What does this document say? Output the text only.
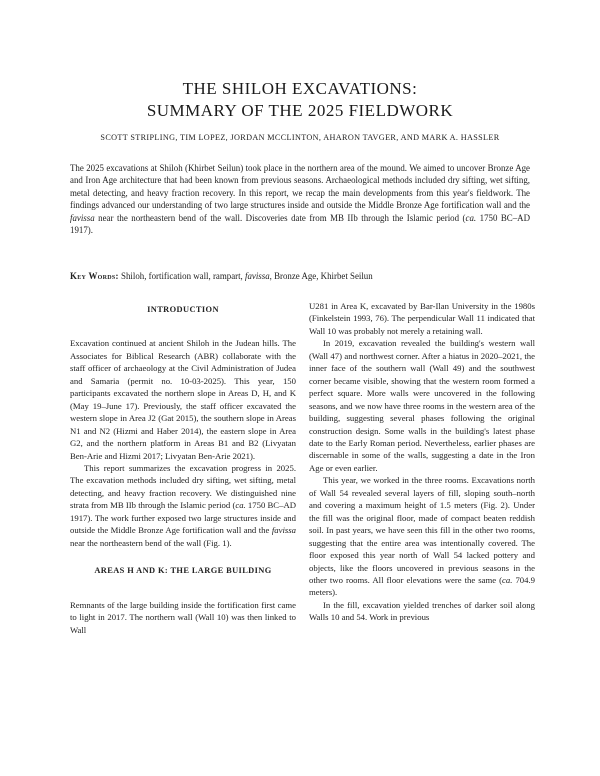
THE SHILOH EXCAVATIONS:
SUMMARY OF THE 2025 FIELDWORK
SCOTT STRIPLING, TIM LOPEZ, JORDAN MCCLINTON, AHARON TAVGER, AND MARK A. HASSLER
The 2025 excavations at Shiloh (Khirbet Seilun) took place in the northern area of the mound. We aimed to uncover Bronze Age and Iron Age architecture that had been known from previous seasons. Archaeological methods included dry sifting, wet sifting, metal detecting, and heavy fraction recovery. In this report, we recap the main developments from this year's fieldwork. The findings advanced our understanding of two large structures inside and outside the Middle Bronze Age fortification wall and the favissa near the northeastern bend of the wall. Discoveries date from MB IIb through the Islamic period (ca. 1750 BC–AD 1917).
Key Words: Shiloh, fortification wall, rampart, favissa, Bronze Age, Khirbet Seilun
INTRODUCTION

Excavation continued at ancient Shiloh in the Judean hills. The Associates for Biblical Research (ABR) collaborate with the staff officer of archaeology at the Civil Administration of Judea and Samaria (permit no. 10-03-2025). This year, 150 participants excavated the northern slope in Areas D, H, and K (May 19–June 17). Previously, the staff officer excavated the western slope in Area J2 (Gat 2015), the southern slope in Areas N1 and N2 (Hizmi and Haber 2014), the eastern slope in Area G2, and the northern platform in Areas B1 and B2 (Livyatan Ben-Arie and Hizmi 2017; Livyatan Ben-Arie 2021).

This report summarizes the excavation progress in 2025. The excavation methods included dry sifting, wet sifting, metal detecting, and heavy fraction recovery. We distinguished nine strata from MB IIb through the Islamic period (ca. 1750 BC–AD 1917). The work further exposed two large structures inside and outside the Middle Bronze Age fortification wall and the favissa near the northeastern bend of the wall (Fig. 1).

AREAS H AND K: THE LARGE BUILDING

Remnants of the large building inside the fortification first came to light in 2017. The northern wall (Wall 10) was then linked to Wall

U281 in Area K, excavated by Bar-Ilan University in the 1980s (Finkelstein 1993, 76). The perpendicular Wall 11 indicated that Wall 10 was probably not merely a retaining wall.

In 2019, excavation revealed the building's western wall (Wall 47) and northwest corner. After a hiatus in 2020–2021, the inner face of the southern wall (Wall 49) and the southwest corner became visible, showing that the western room formed a perfect square. More walls were uncovered in the following seasons, and we now have three rooms in the western area of the building, suggesting several phases following the original construction design. Some walls in the building's latest phase date to the Early Roman period. Nevertheless, earlier phases are discernable in some of the walls, suggesting a date in the Iron Age or even earlier.

This year, we worked in the three rooms. Excavations north of Wall 54 revealed several layers of fill, sloping south–north and covering a maximum height of 1.5 meters (Fig. 2). Under the fill was the original floor, made of compact beaten reddish soil. In past years, we have seen this fill in the other two rooms, suggesting that the entire area was intentionally covered. The floor exposed this year north of Wall 54 lacked pottery and objects, like the floors uncovered in previous seasons in the other two rooms. All floor elevations were the same (ca. 704.9 meters).

In the fill, excavation yielded trenches of darker soil along Walls 10 and 54. Work in previous
